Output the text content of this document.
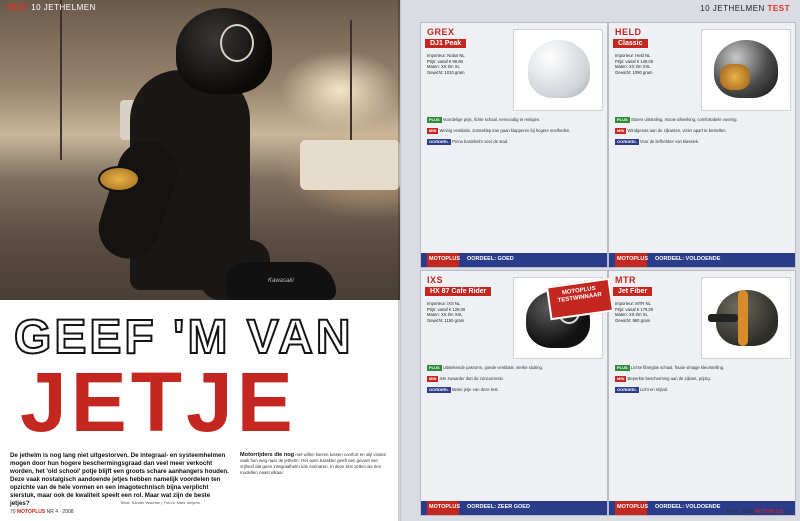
Kawasaki
TEST 10 JETHELMEN
GEEF 'M VAN
JETJE
De jethelm is nog lang niet uitgestorven. De integraal- en systeemhelmen mogen door hun hogere beschermingsgraad dan veel meer verkocht worden, het 'old school' potje blijft een groots schare aanhangers houden. Deze vaak nostalgisch aandoende jetjes hebben namelijk voordelen ten opzichte van de hele vormen en een imagotechnisch bijna verplicht sierstuk, maar ook de kwaliteit speelt een rol. Maar wat zijn de beste jetjes?	Tekst: Sander Wachter | Foto's: Mark Neijens
Motorrijders die nog niet willen kiezen tussen comfort en stijl vinden vaak hun weg naar de jethelm. Het open karakter geeft een gevoel van vrijheid dat geen integraalhelm kan evenaren. In deze test zetten we tien modellen naast elkaar.
70 MOTOPLUS NR 4 · 2008
10 JETHELMEN TEST
GREX
DJ1 Peak
Importeur: Nolan NL
Prijs: vanaf € 99,95
Maten: XS t/m XL
Gewicht: 1010 gram
PLUS Voordelige prijs, lichte schaal, eenvoudig te reinigen.

MIN Weinig ventilatie, zonneklep kan gaan klapperen bij hogere snelheden.

OORDEEL Prima basishelm voor de stad.
MOTOPLUS OORDEEL: GOED
HELD
Classic
Importeur: Held NL
Prijs: vanaf € 149,00
Maten: XS t/m XXL
Gewicht: 1090 gram
PLUS Stoere uitstraling, mooie afwerking, comfortabele voering.

MIN Windgeruis aan de zijkanten, vizier apart te bestellen.

OORDEEL Voor de liefhebber van klassiek.
MOTOPLUS OORDEEL: VOLDOENDE
IXS
HX 87 Cafe Rider
Importeur: iXS NL
Prijs: vanaf € 129,00
Maten: XS t/m XXL
Gewicht: 1150 gram
PLUS Uitstekende pasvorm, goede ventilatie, sterke sluiting.

MIN Iets zwaarder dan de concurrentie.

OORDEEL Beste jetje van deze test.
MOTOPLUS OORDEEL: ZEER GOED
MTR
Jet Fiber
Importeur: MTR NL
Prijs: vanaf € 179,00
Maten: XS t/m XL
Gewicht: 960 gram
PLUS Lichte fiberglas schaal, fraaie vintage kleurstelling.

MIN Beperkte bescherming aan de zijkant, prijzig.

OORDEEL Licht en stijlvol.
MOTOPLUS OORDEEL: VOLDOENDE
MOTOPLUS TESTWINNAAR
NR 4 · 2008 MOTOPLUS 71
